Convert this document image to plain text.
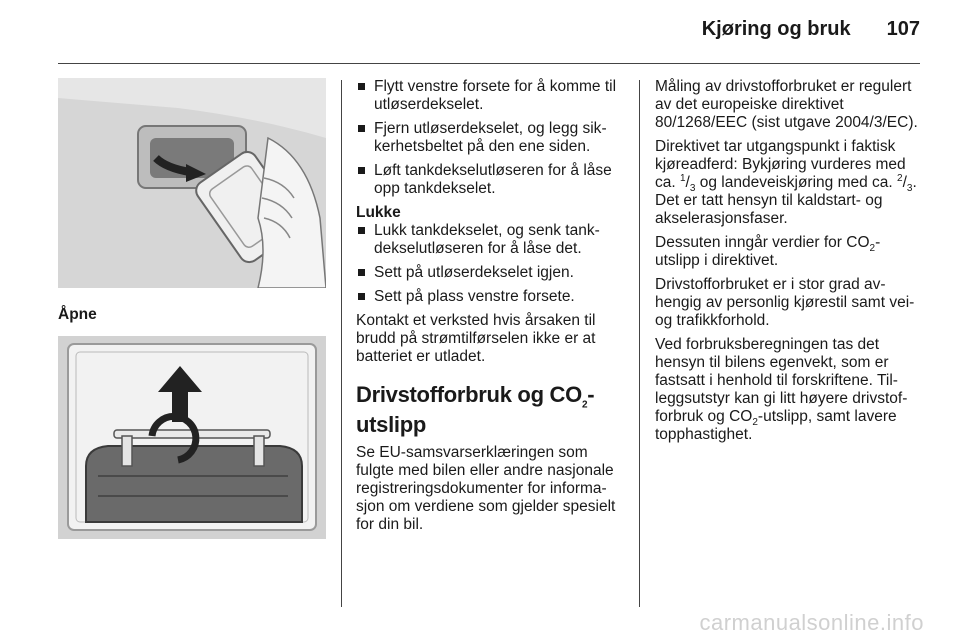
Kjøring og bruk 107
Åpne
Flytt venstre forsete for å komme til utløserdekselet.
Fjern utløserdekselet, og legg sikkerhetsbeltet på den ene siden.
Løft tankdekselutløseren for å låse opp tankdekselet.
Lukke
Lukk tankdekselet, og senk tankdekselutløseren for å låse det.
Sett på utløserdekselet igjen.
Sett på plass venstre forsete.

Kontakt et verksted hvis årsaken til brudd på strømtilførselen ikke er at batteriet er utladet.

Drivstofforbruk og $CO_2$-utslipp

Se EU-samsvarserklæringen som fulgte med bilen eller andre nasjonale registreringsdokumenter for informasjon om verdiene som gjelder spesielt for din bil.

Måling av drivstofforbruket er regulert av det europeiske direktivet 80/1268/EEC (sist utgave 2004/3/EC).

Direktivet tar utgangspunkt i faktisk kjøreadferd: Bykjøring vurderes med ca. $^1/_3$ og landeveiskjøring med ca. $^2/_3$. Det er tatt hensyn til kaldstart- og akselerasjonsfaser.

Dessuten inngår verdier for $CO_2$-utslipp i direktivet.

Drivstofforbruket er i stor grad avhengig av personlig kjørestil samt vei- og trafikkforhold.

Ved forbruksberegningen tas det hensyn til bilens egenvekt, som er fastsatt i henhold til forskriftene. Tilleggsutstyr kan gi litt høyere drivstofforbruk og $CO_2$-utslipp, samt lavere topphastighet.

carmanualsonline.info
